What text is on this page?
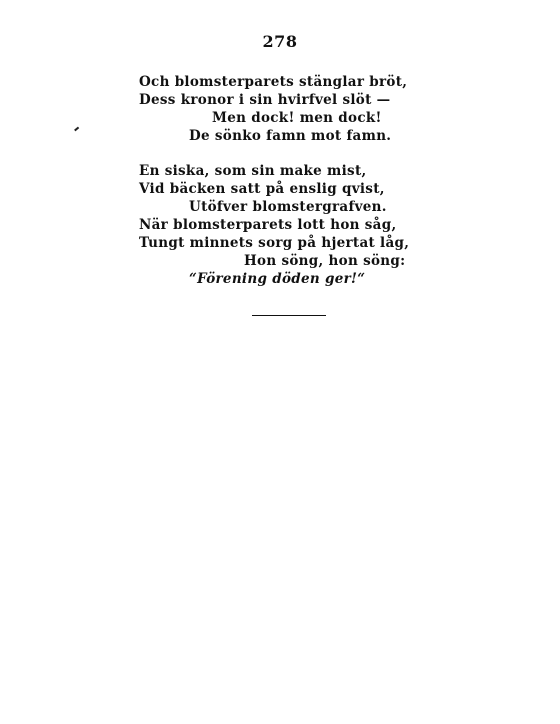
278
Och blomsterparets stänglar bröt,
Dess kronor i sin hvirfvel slöt —
Men dock! men dock!
De sönko famn mot famn.
En siska, som sin make mist,
Vid bäcken satt på enslig qvist,
Utöfver blomstergrafven.
När blomsterparets lott hon såg,
Tungt minnets sorg på hjertat låg,
Hon söng, hon söng:
“Förening döden ger!“
